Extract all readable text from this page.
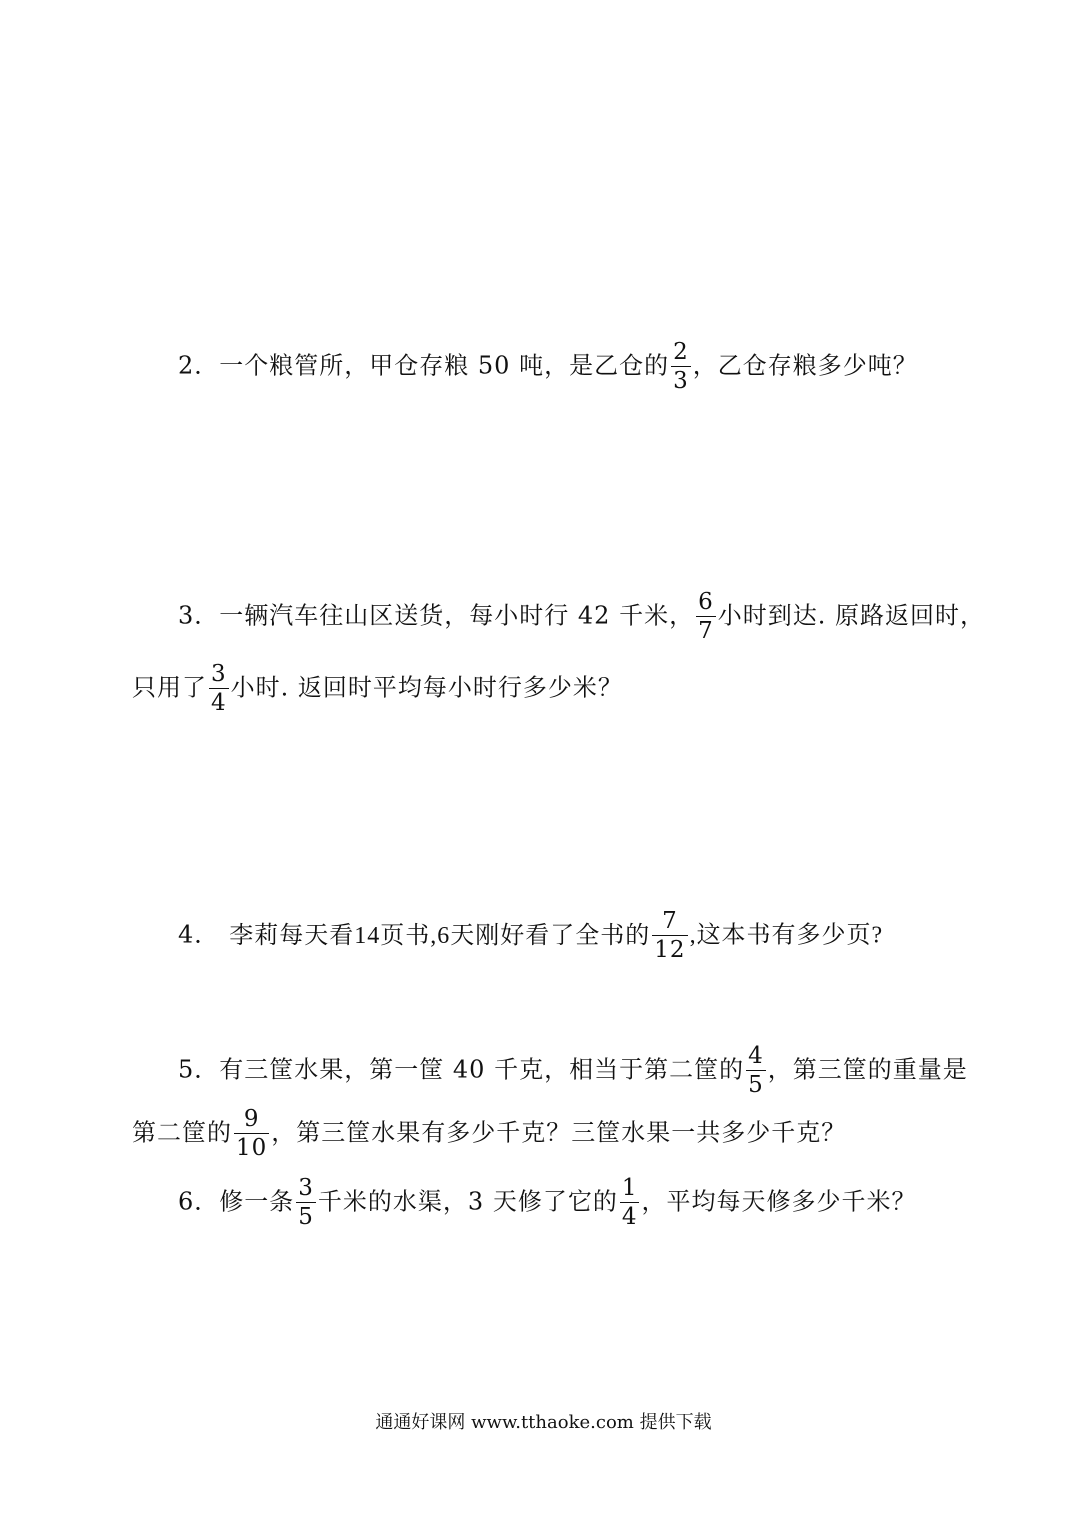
2．一个粮管所，甲仓存粮 50 吨，是乙仓的 $\frac{2}{3}$ ，乙仓存粮多少吨？
3．一辆汽车往山区送货，每小时行 42 千米， $\frac{6}{7}$ 小时到达. 原路返回时，
只用了 $\frac{3}{4}$ 小时. 返回时平均每小时行多少米？
4． 李莉每天看14页书,6天刚好看了全书的 $\frac{7}{12}$ ,这本书有多少页?
5．有三筐水果，第一筐 40 千克，相当于第二筐的 $\frac{4}{5}$ ，第三筐的重量是
第二筐的 $\frac{9}{10}$ ，第三筐水果有多少千克？三筐水果一共多少千克？
6．修一条 $\frac{3}{5}$ 千米的水渠，3 天修了它的 $\frac{1}{4}$ ，平均每天修多少千米？
通通好课网 www.tthaoke.com 提供下载
